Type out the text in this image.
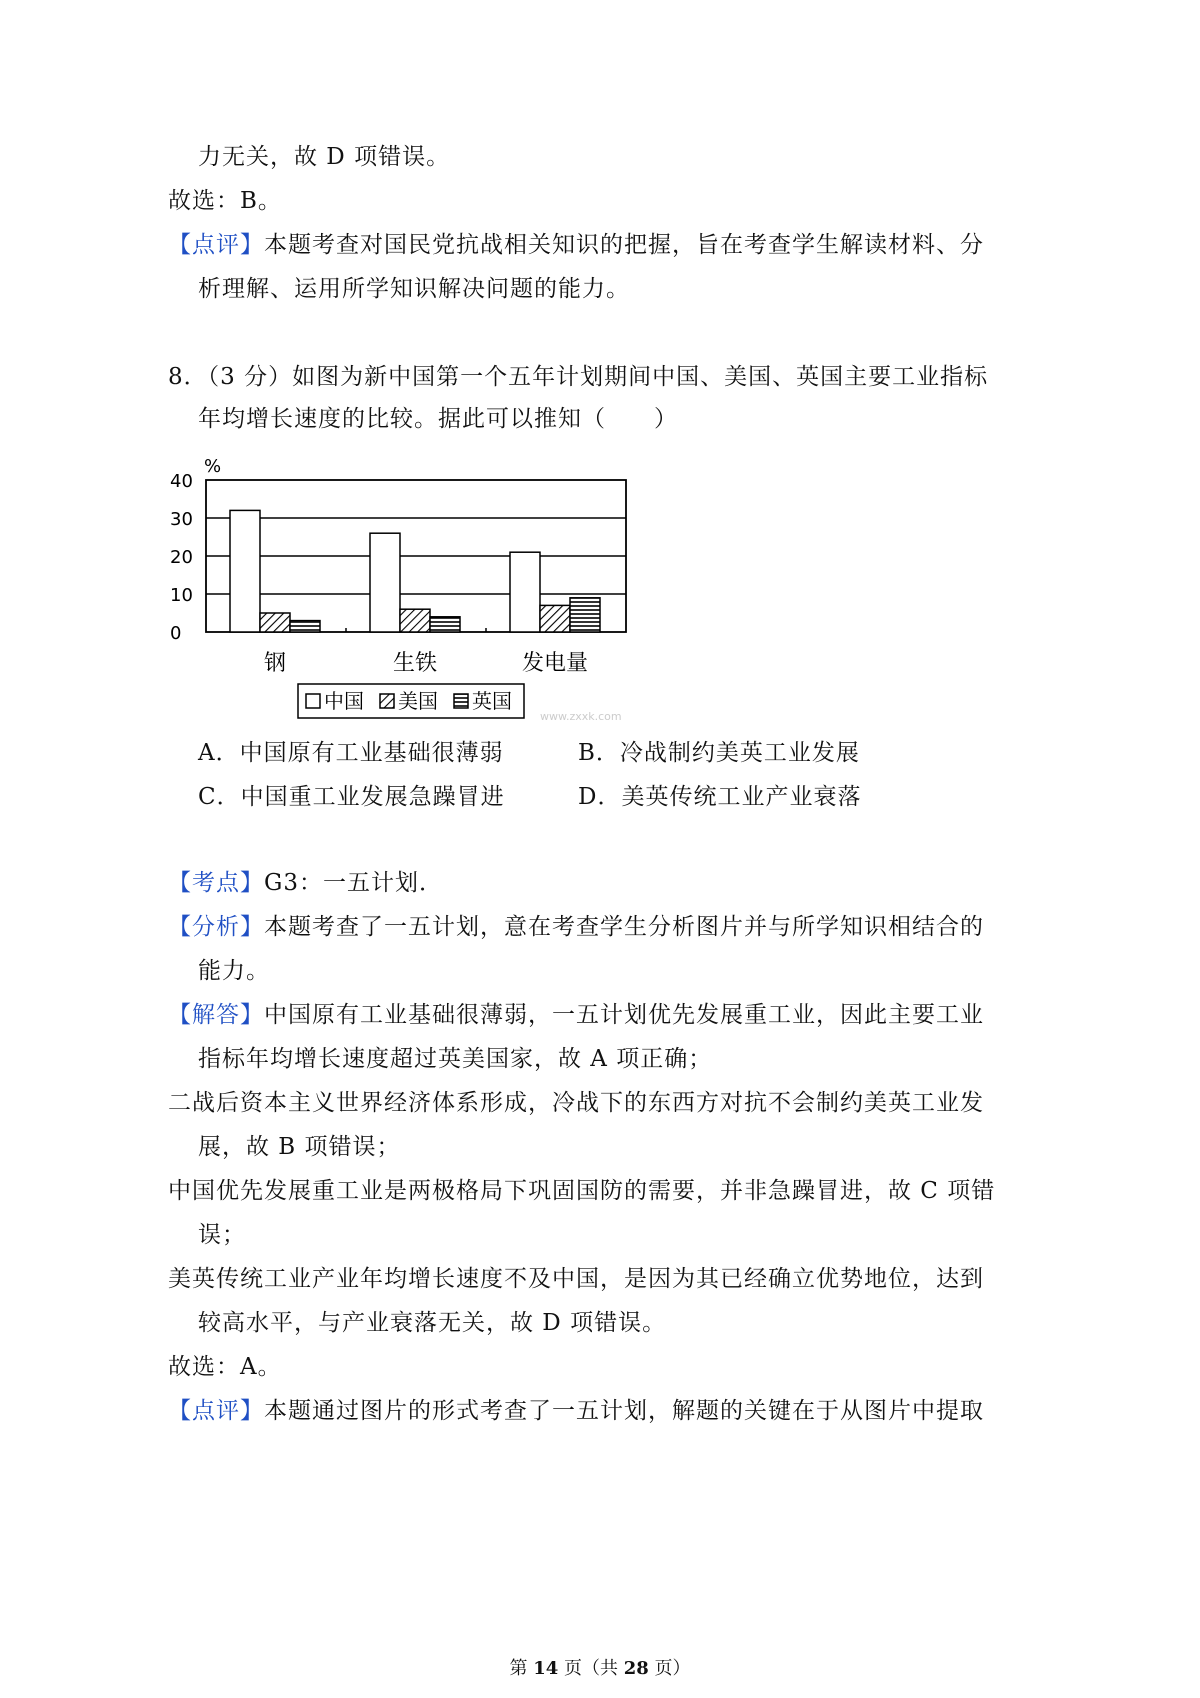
力无关，故 D 项错误。
故选：B。
【点评】本题考查对国民党抗战相关知识的把握，旨在考查学生解读材料、分
析理解、运用所学知识解决问题的能力。
8．（3 分）如图为新中国第一个五年计划期间中国、美国、英国主要工业指标
年均增长速度的比较。据此可以推知（　　）
%
40
30
20
10
0
钢	生铁	发电量
中国 美国 英国
www.zxxk.com
A．中国原有工业基础很薄弱	B．冷战制约美英工业发展
C．中国重工业发展急躁冒进	D．美英传统工业产业衰落
【考点】G3：一五计划．
【分析】本题考查了一五计划，意在考查学生分析图片并与所学知识相结合的
能力。
【解答】中国原有工业基础很薄弱，一五计划优先发展重工业，因此主要工业
指标年均增长速度超过英美国家，故 A 项正确；
二战后资本主义世界经济体系形成，冷战下的东西方对抗不会制约美英工业发
展，故 B 项错误；
中国优先发展重工业是两极格局下巩固国防的需要，并非急躁冒进，故 C 项错
误；
美英传统工业产业年均增长速度不及中国，是因为其已经确立优势地位，达到
较高水平，与产业衰落无关，故 D 项错误。
故选：A。
【点评】本题通过图片的形式考查了一五计划，解题的关键在于从图片中提取
第 14 页（共 28 页）
